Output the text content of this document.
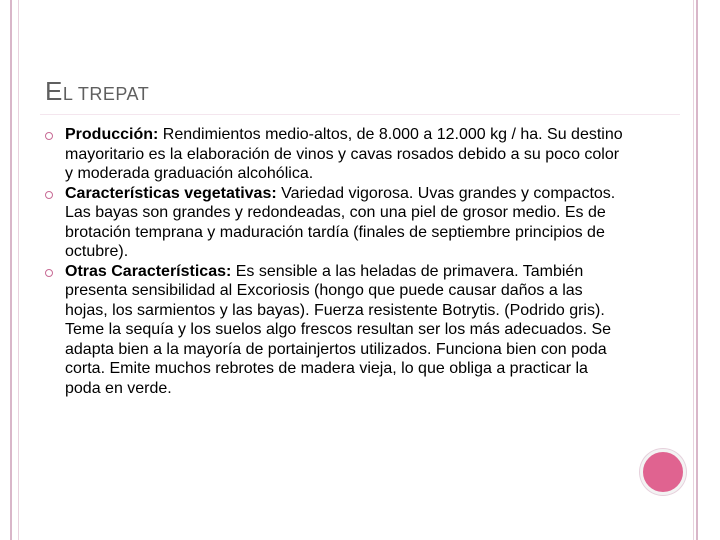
EL TREPAT
Producción: Rendimientos medio-altos, de 8.000 a 12.000 kg / ha. Su destino mayoritario es la elaboración de vinos y cavas rosados debido a su poco color y moderada graduación alcohólica.
Características vegetativas: Variedad vigorosa. Uvas grandes y compactos. Las bayas son grandes y redondeadas, con una piel de grosor medio. Es de brotación temprana y maduración tardía (finales de septiembre principios de octubre).
Otras Características: Es sensible a las heladas de primavera. También presenta sensibilidad al Excoriosis (hongo que puede causar daños a las hojas, los sarmientos y las bayas). Fuerza resistente Botrytis. (Podrido gris). Teme la sequía y los suelos algo frescos resultan ser los más adecuados. Se adapta bien a la mayoría de portainjertos utilizados. Funciona bien con poda corta. Emite muchos rebrotes de madera vieja, lo que obliga a practicar la poda en verde.
